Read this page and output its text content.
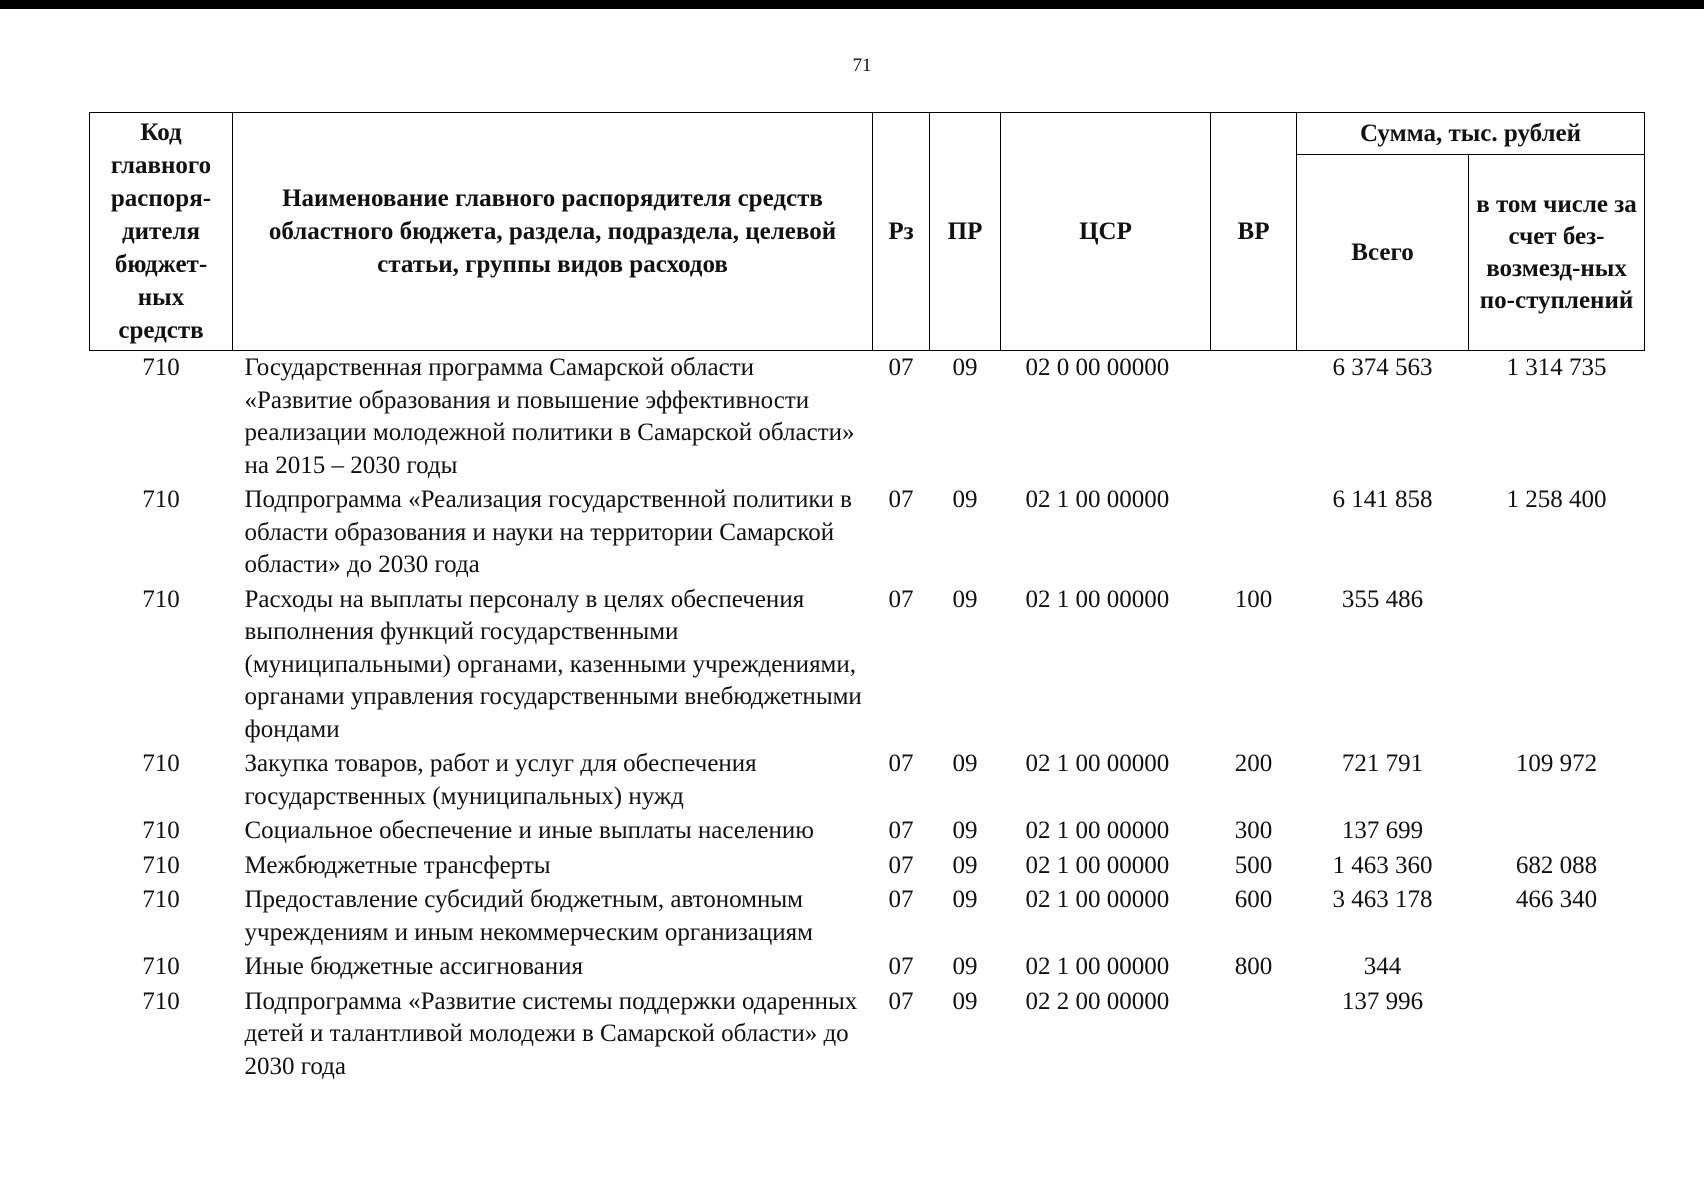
71
Код главного распоря-дителя бюджет-ных средств	Наименование главного распорядителя средств областного бюджета, раздела, подраздела, целевой статьи, группы видов расходов	Рз	ПР	ЦСР	ВР	Сумма, тыс. рублей	
						Всего	в том числе за счет без-возмезд-ных по-ступлений
710	Государственная программа Самарской области «Развитие образования и повышение эффективности реализации молодежной политики в Самарской области» на 2015 – 2030 годы	07	09	02 0 00 00000		6 374 563	1 314 735
710	Подпрограмма «Реализация государственной политики в области образования и науки на территории Самарской области» до 2030 года	07	09	02 1 00 00000		6 141 858	1 258 400
710	Расходы на выплаты персоналу в целях обеспечения выполнения функций государственными (муниципальными) органами, казенными учреждениями, органами управления государственными внебюджетными фондами	07	09	02 1 00 00000	100	355 486	
710	Закупка товаров, работ и услуг для обеспечения государственных (муниципальных) нужд	07	09	02 1 00 00000	200	721 791	109 972
710	Социальное обеспечение и иные выплаты населению	07	09	02 1 00 00000	300	137 699	
710	Межбюджетные трансферты	07	09	02 1 00 00000	500	1 463 360	682 088
710	Предоставление субсидий бюджетным, автономным учреждениям и иным некоммерческим организациям	07	09	02 1 00 00000	600	3 463 178	466 340
710	Иные бюджетные ассигнования	07	09	02 1 00 00000	800	344	
710	Подпрограмма «Развитие системы поддержки одаренных детей и талантливой молодежи в Самарской области» до 2030 года	07	09	02 2 00 00000		137 996	
